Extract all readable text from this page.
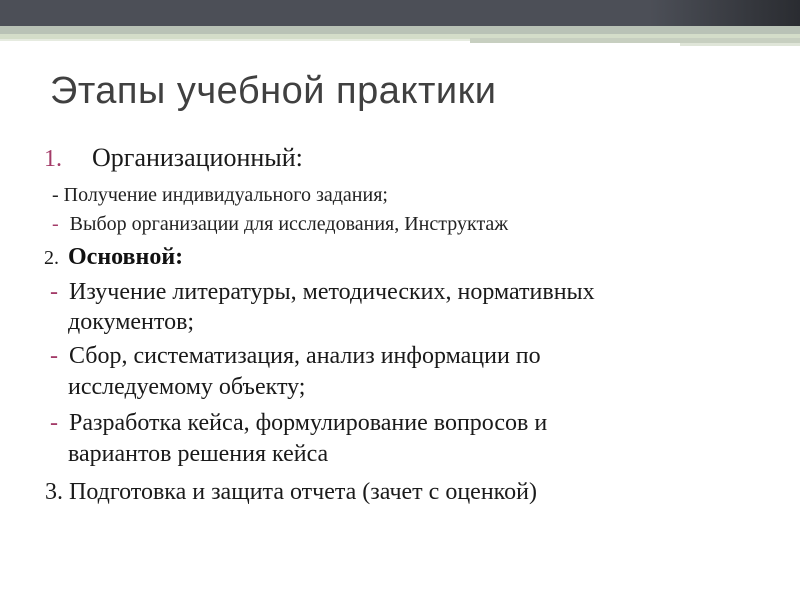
Этапы учебной практики
1. Организационный:
- Получение индивидуального задания;
- Выбор организации для исследования, Инструктаж
2. Основной:
- Изучение литературы, методических, нормативных
документов;
- Сбор, систематизация, анализ информации по
исследуемому объекту;
- Разработка кейса, формулирование вопросов и
вариантов решения кейса
3. Подготовка и защита отчета (зачет с оценкой)
